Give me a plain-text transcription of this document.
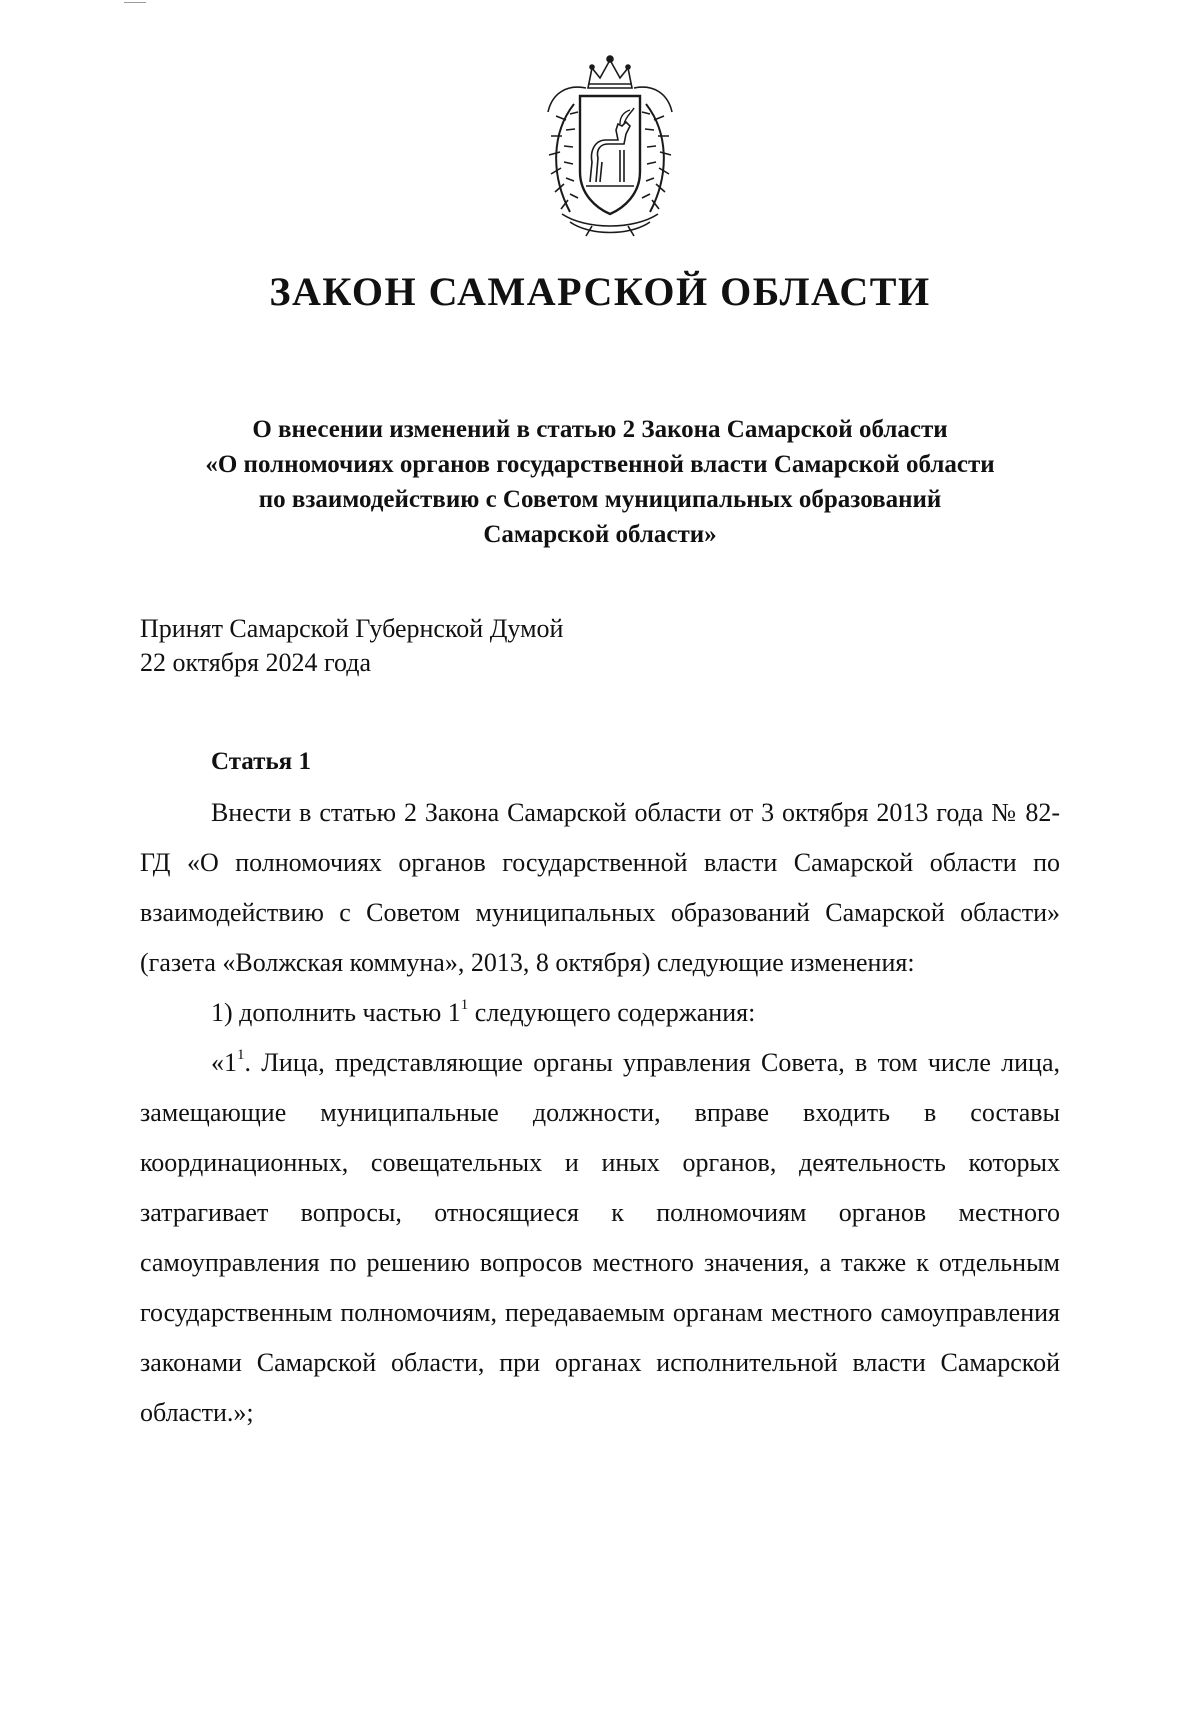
ЗАКОН САМАРСКОЙ ОБЛАСТИ
О внесении изменений в статью 2 Закона Самарской области
«О полномочиях органов государственной власти Самарской области
по взаимодействию с Советом муниципальных образований
Самарской области»
Принят Самарской Губернской Думой
22 октября 2024 года
Статья 1

Внести в статью 2 Закона Самарской области от 3 октября 2013 года № 82-ГД «О полномочиях органов государственной власти Самарской области по взаимодействию с Советом муниципальных образований Самарской области» (газета «Волжская коммуна», 2013, 8 октября) следующие изменения:

1) дополнить частью $1^1$ следующего содержания:

«$1^1$. Лица, представляющие органы управления Совета, в том числе лица, замещающие муниципальные должности, вправе входить в составы координационных, совещательных и иных органов, деятельность которых затрагивает вопросы, относящиеся к полномочиям органов местного самоуправления по решению вопросов местного значения, а также к отдельным государственным полномочиям, передаваемым органам местного самоуправления законами Самарской области, при органах исполнительной власти Самарской области.»;
